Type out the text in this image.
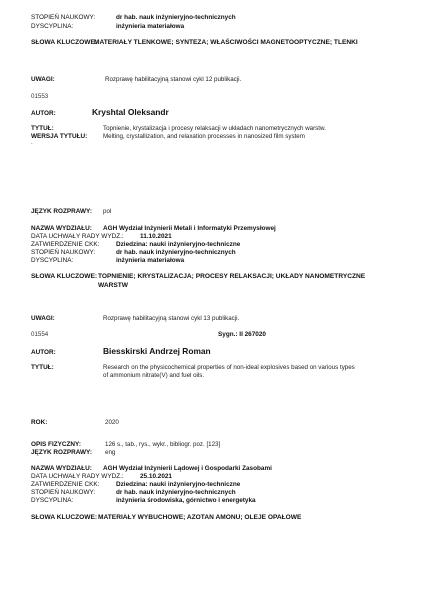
STOPIEŃ NAUKOWY:	dr hab. nauk inżynieryjno-technicznych
DYSCYPLINA:	inżynieria materiałowa
SŁOWA KLUCZOWE:
MATERIAŁY TLENKOWE; SYNTEZA; WŁAŚCIWOŚCI MAGNETOOPTYCZNE; TLENKI
UWAGI:	Rozprawę habilitacyjną stanowi cykl 12 publikacji.
01553
AUTOR:	Kryshtal Oleksandr
TYTUŁ:	Topnienie, krystalizacja i procesy relaksacji w układach nanometrycznych warstw.
WERSJA TYTUŁU:	Melting, crystallization, and relaxation processes in nanosized film system
.
JĘZYK ROZPRAWY: pol
NAZWA WYDZIAŁU: AGH Wydział Inżynierii Metali i Informatyki Przemysłowej
DATA UCHWAŁY RADY WYDZ.:	11.10.2021
ZATWIERDZENIE CKK:	Dziedzina: nauki inżynieryjno-techniczne
STOPIEŃ NAUKOWY:	dr hab. nauk inżynieryjno-technicznych
DYSCYPLINA:	inżynieria materiałowa
SŁOWA KLUCZOWE: TOPNIENIE; KRYSTALIZACJA; PROCESY RELAKSACJI; UKŁADY NANOMETRYCZNE
WARSTW
UWAGI:	Rozprawę habilitacyjną stanowi cykl 13 publikacji.
01554	Sygn.: II 267020
AUTOR:	Biesskirski Andrzej Roman
TYTUŁ:	Research on the physicochemical properties of non-ideal explosives based on various types
of ammonium nitrate(V) and fuel oils.
ROK:	2020
OPIS FIZYCZNY:	126 s., tab., rys., wykr., bibliogr. poz. [123]
JĘZYK ROZPRAWY: eng
NAZWA WYDZIAŁU: AGH Wydział Inżynierii Lądowej i Gospodarki Zasobami
DATA UCHWAŁY RADY WYDZ.:	25.10.2021
ZATWIERDZENIE CKK:	Dziedzina: nauki inżynieryjno-techniczne
STOPIEŃ NAUKOWY:	dr hab. nauk inżynieryjno-technicznych
DYSCYPLINA:	inżynieria środowiska, górnictwo i energetyka
SŁOWA KLUCZOWE: MATERIAŁY WYBUCHOWE; AZOTAN AMONU; OLEJE OPAŁOWE
